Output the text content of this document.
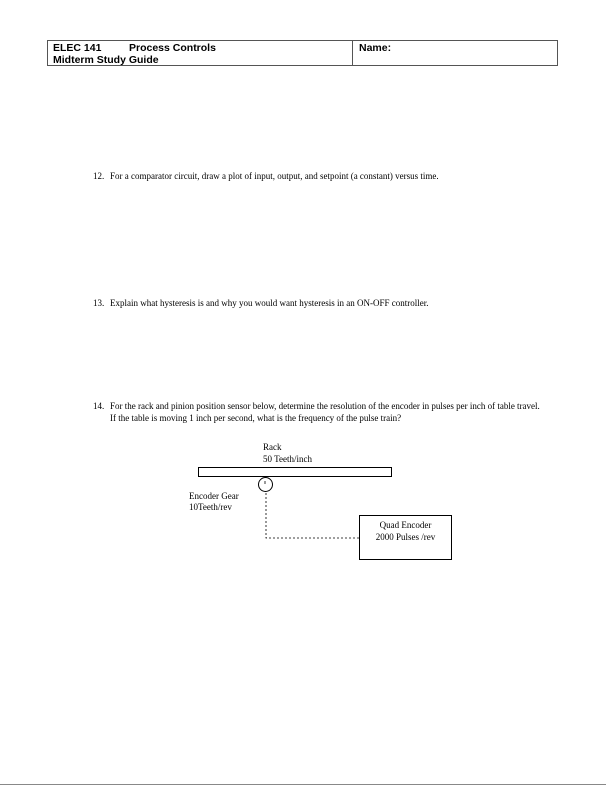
ELEC 141	Process Controls
Midterm Study Guide
Name:
12. For a comparator circuit, draw a plot of input, output, and setpoint (a constant) versus time.
13. Explain what hysteresis is and why you would want hysteresis in an ON-OFF controller.
14. For the rack and pinion position sensor below, determine the resolution of the encoder in pulses per inch of table travel. If the table is moving 1 inch per second, what is the frequency of the pulse train?
Rack
50 Teeth/inch
Encoder Gear
10Teeth/rev
Quad Encoder
2000 Pulses /rev
